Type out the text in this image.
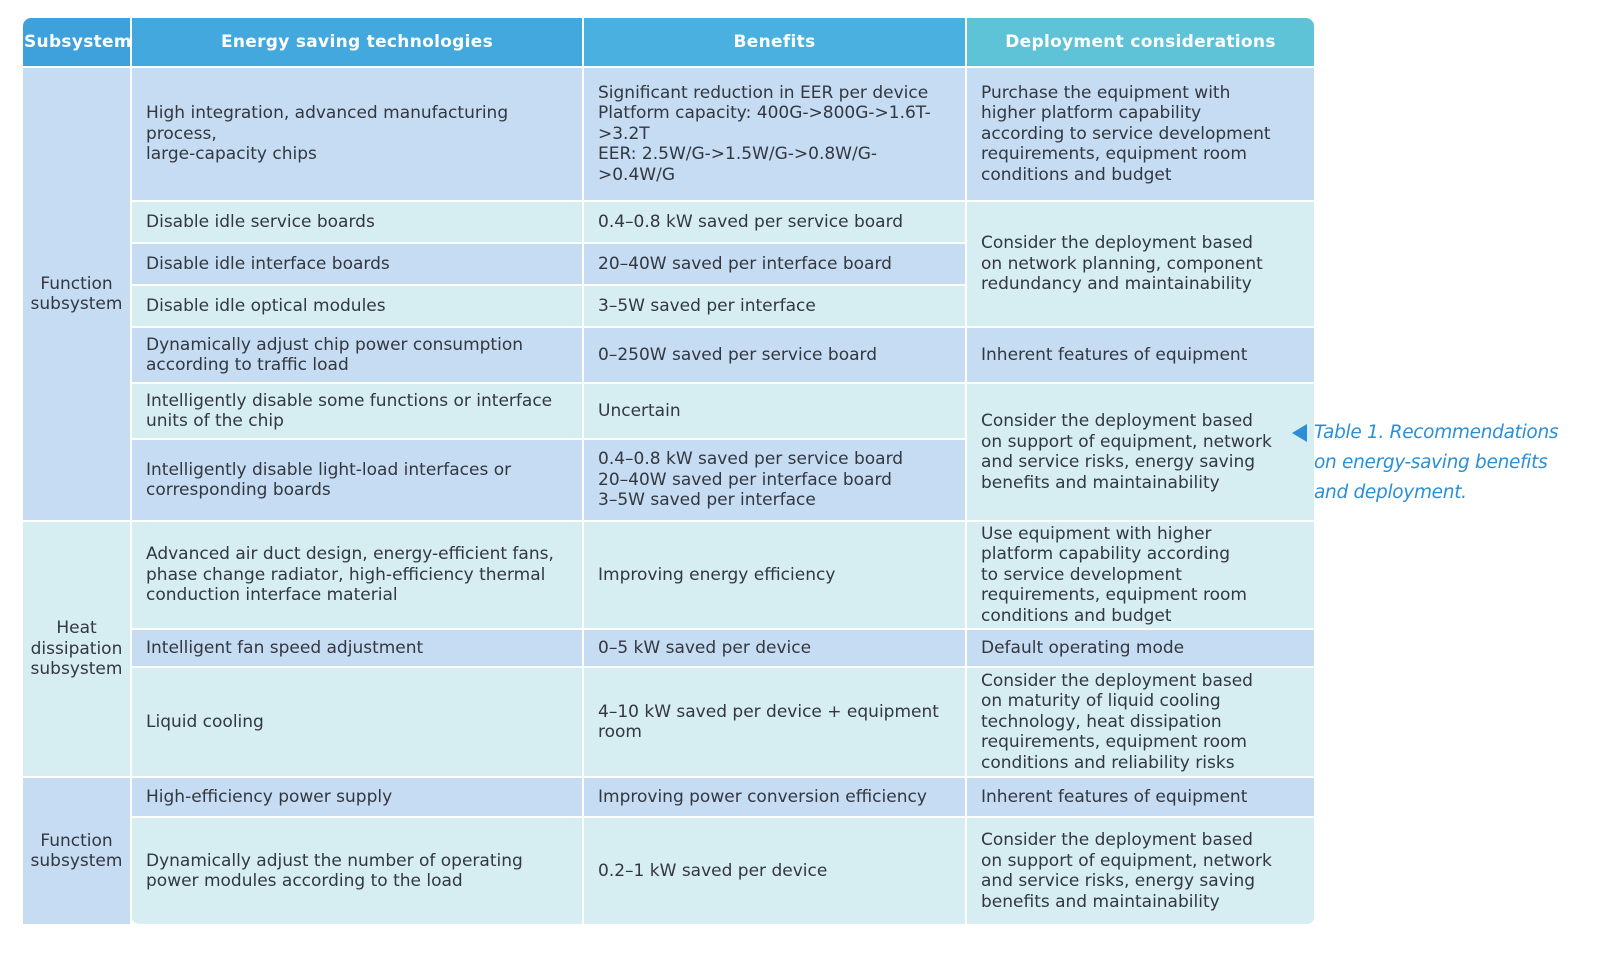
Subsystem	Energy saving technologies	Benefits	Deployment considerations
Function
subsystem	High integration, advanced manufacturing process,
large-capacity chips	Significant reduction in EER per device
Platform capacity: 400G->800G->1.6T->3.2T
EER: 2.5W/G->1.5W/G->0.8W/G->0.4W/G	Purchase the equipment with
higher platform capability
according to service development
requirements, equipment room
conditions and budget
	Disable idle service boards	0.4–0.8 kW saved per service board	Consider the deployment based
on network planning, component
redundancy and maintainability
	Disable idle interface boards	20–40W saved per interface board	
	Disable idle optical modules	3–5W saved per interface	
	Dynamically adjust chip power consumption
according to traffic load	0–250W saved per service board	Inherent features of equipment
	Intelligently disable some functions or interface
units of the chip	Uncertain	Consider the deployment based
on support of equipment, network
and service risks, energy saving
benefits and maintainability
	Intelligently disable light-load interfaces or
corresponding boards	0.4–0.8 kW saved per service board
20–40W saved per interface board
3–5W saved per interface	
Heat
dissipation
subsystem	Advanced air duct design, energy-efficient fans,
phase change radiator, high-efficiency thermal
conduction interface material	Improving energy efficiency	Use equipment with higher
platform capability according
to service development
requirements, equipment room
conditions and budget
	Intelligent fan speed adjustment	0–5 kW saved per device	Default operating mode
	Liquid cooling	4–10 kW saved per device + equipment
room	Consider the deployment based
on maturity of liquid cooling
technology, heat dissipation
requirements, equipment room
conditions and reliability risks
Function
subsystem	High-efficiency power supply	Improving power conversion efficiency	Inherent features of equipment
	Dynamically adjust the number of operating
power modules according to the load	0.2–1 kW saved per device	Consider the deployment based
on support of equipment, network
and service risks, energy saving
benefits and maintainability
Table 1. Recommendations
on energy-saving benefits
and deployment.
